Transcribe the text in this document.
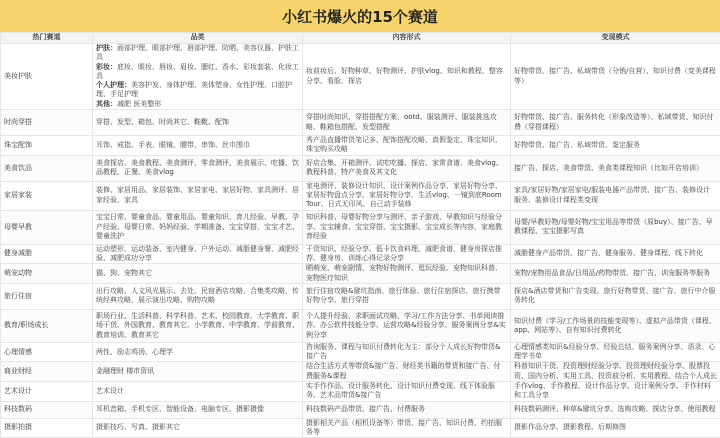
小红书爆火的15个赛道
热门赛道	品类	内容形式	变现模式
美妆护肤	护肤：面部护理、眼部护理、唇部护理、防晒、美容仪器、护肤工具
彩妆：底妆、眼妆、唇妆、眉妆、腮红、香水、彩妆套装、化妆工具
个人护理：美容护发、身体护理、美体塑身、女性护理、口腔护理、手足护理
其他：减肥 医美整形	妆前妆后、好物种草、好物测评、护肤vlog、知识和教程、整容分享、看脸、探店	好物带货、接广告、私域带货（分销/自营）、知识付费（变美课程等）
时尚穿搭	穿搭、发型、箱包、时尚其它、鞋靴、配饰	穿搭时尚知识、穿搭搭配方案、ootd、服装测评、服装挑选攻略、鞋箱包搭配、发型搭配	好物带货、接广告、服务转化（形象改造等）、私域带货、知识付费（穿搭课程）
珠宝配饰	耳饰、戒指、手表、眼镜、腰带、串饰、丝巾围巾	秀产品直播带货笔记多、配饰搭配攻略、真假鉴定、珠宝知识、珠宝购买攻略	好物带货、接广告、私域带货、鉴定服务
美食饮品	美食探店、美食教程、美食测评、零食测评、美食展示、吃播、饮品教程、正餐、美食vlog	好店合集、开箱测评、试吃吃播、探店、家常食谱、美食vlog、教程科普、特产美食及其文化	接广告、探店、美食带货、美食类课程知识（比如开店培训）
家居家装	装修、家居用品、家居装饰、家居家电、家居好物、家具测评、居家经验、家具	家电测评、装修设计知识、设计案例作品分享、家居好物分享、家居好物盘点分享、家居好物分享、生活vlog、一镜到底Room Tour、日式无印风、自己动手装修	家具/家居好物/家居家电/服装电器产品带货、接广告、装修设计服务、装修设计课程类变现
母婴早教	宝宝日常、婴童食品、婴童用品、婴童知识、育儿经验、早教、孕产经验、母婴日常、妈妈经验、学期准备、宝宝穿搭、宝宝才艺、婴童洗护	知识科普、母婴好物分享与测评、亲子游戏、早教知识与经验分享、宝宝辅食、宝宝穿搭、宝宝摄影、宝宝成长等内容、家庭教育经验	母婴/早教好物/母婴好物/宝宝用品等带货（原buy）、接广告、早教课程、宝宝摄影写真
健身减脂	运动塑形、运动装备、室内健身、户外运动、减脂健身餐、减肥经验、减肥成功分享	干货知识、经验分享、低卡饮食料理、减肥食谱、健身房探店推荐、健身房、训练心得记录分享	减脂健身产品带货、接广告、健身服务、健身课程、线下转化
萌宠动物	猫、狗、宠物其它	晒萌宠、萌宠剧情、宠物好物测评、逛玩经验、宠物知识科普、宠物医疗知识	宠物/宠物用品食品/日用品/药物带货、接广告、训宠服务等服务
旅行住宿	出行攻略、人文风光展示、去处、民宿酒店攻略、合集类攻略、传统经典攻略、展示演出攻略、购物攻略	旅行住宿攻略&避坑指南、旅行体验、旅行住宿探店、旅行携带好物分享、旅行穿搭	探店&酒店带货和广告变现、旅行好物带货、接广告、旅行中介服务转化
教育/职场成长	职场行业、生活科普、科学科普、艺术、校园教育、大学教育、职场干货、外国教育、教育其它、小学教育、中学教育、学前教育、教育培训、教育其它	个人提升经验、求职面试攻略、学习/工作方法分享、书单阅读推荐、办公软件技能分享、运营攻略&经验分享、服务案例分享&实例分享	知识付费（学习/工作场景的技能变现等）、虚拟产品带货（课程、app、网站等）、自有知识付费转化
心理情感	两性、励志鸡汤、心理学	咨询服务、课程与知识付费转化为主：部分个人成长好物带货&接广告	心理情感类知识&经验分享、经验总结、服务案例分享、语录、心理学书单
商业财经	金融理财 楼市资讯	结合生活方式等带货&接广告、财经类书籍的带货和接广告、付费服务&课程	科普知识干货、投资理财经验分享、投资理财经验分享、股票投资、国内分析、实用工具、投资前分析、实用教程、结合个人成长
艺术设计	艺术设计	实手作作品、设计服务转化、设计知识付费变现、线下体验服务、艺术品带货&接广告	手作vlog、手作教程、设计作品分享、设计案例分享、手作材料和工具分享
科技数码	耳机音箱、手机专区、智能设备、电脑专区、摄影摄像	科技数码产品带货、接广告、付费服务	科技数码测评、种草&避坑分享、选购攻略、探店分享、使用教程
摄影拍摄	摄影技巧、写真、摄影其它	摄影相关产品（相机设备等）带货、接广告、知识付费、约拍服务等	摄影作品分享、摄影教程、后期修图
